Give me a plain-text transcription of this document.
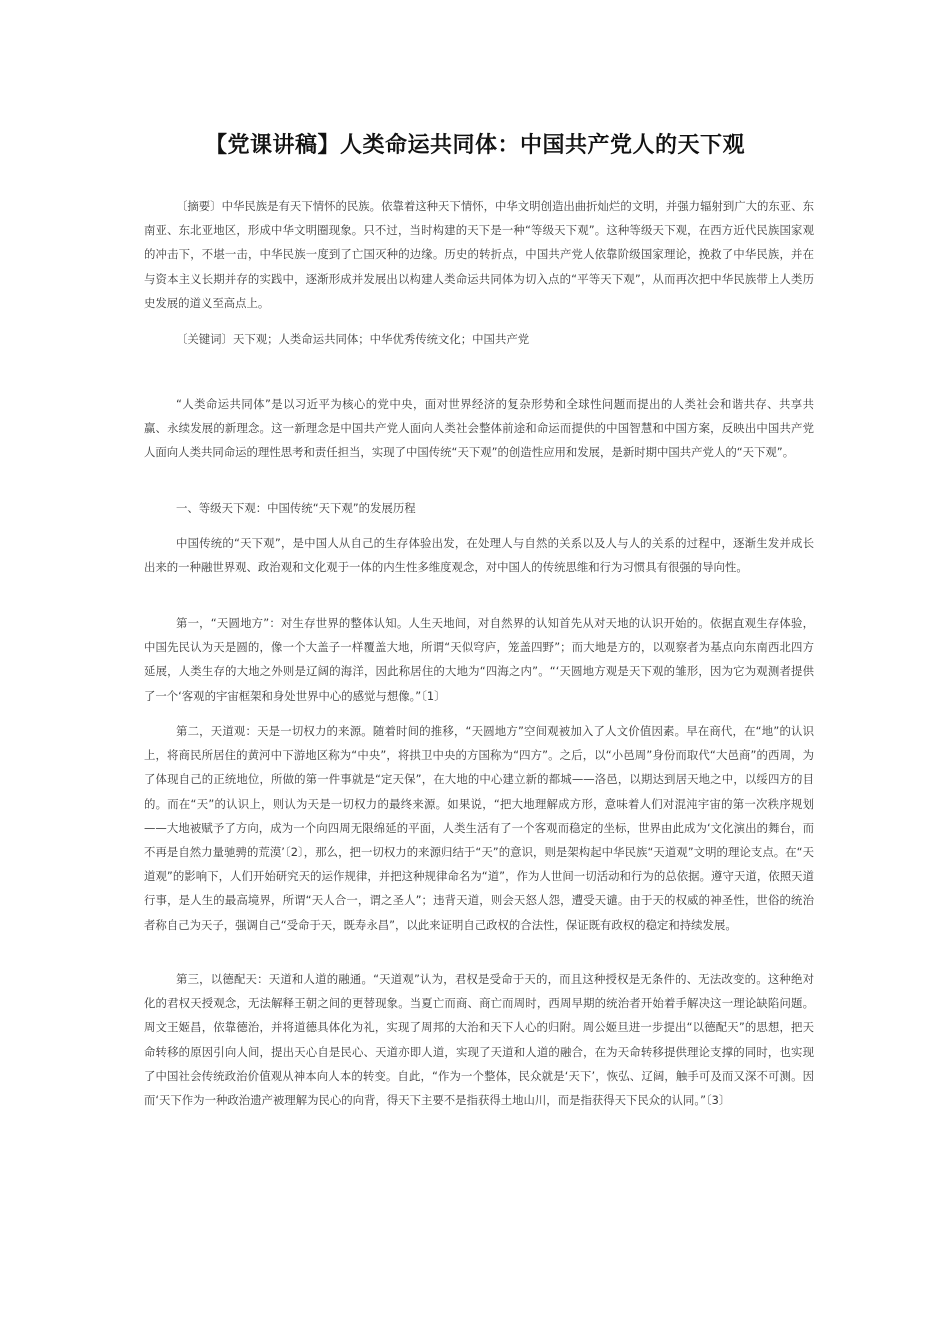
【党课讲稿】人类命运共同体：中国共产党人的天下观

〔摘要〕中华民族是有天下情怀的民族。依靠着这种天下情怀，中华文明创造出曲折灿烂的文明，并强力辐射到广大的东亚、东南亚、东北亚地区，形成中华文明圈现象。只不过，当时构建的天下是一种“等级天下观”。这种等级天下观，在西方近代民族国家观的冲击下，不堪一击，中华民族一度到了亡国灭种的边缘。历史的转折点，中国共产党人依靠阶级国家理论，挽救了中华民族，并在与资本主义长期并存的实践中，逐渐形成并发展出以构建人类命运共同体为切入点的“平等天下观”，从而再次把中华民族带上人类历史发展的道义至高点上。

〔关键词〕天下观；人类命运共同体；中华优秀传统文化；中国共产党

“人类命运共同体”是以习近平为核心的党中央，面对世界经济的复杂形势和全球性问题而提出的人类社会和谐共存、共享共赢、永续发展的新理念。这一新理念是中国共产党人面向人类社会整体前途和命运而提供的中国智慧和中国方案，反映出中国共产党人面向人类共同命运的理性思考和责任担当，实现了中国传统“天下观”的创造性应用和发展，是新时期中国共产党人的“天下观”。

一、等级天下观：中国传统“天下观”的发展历程

中国传统的“天下观”，是中国人从自己的生存体验出发，在处理人与自然的关系以及人与人的关系的过程中，逐渐生发并成长出来的一种融世界观、政治观和文化观于一体的内生性多维度观念，对中国人的传统思维和行为习惯具有很强的导向性。

第一，“天圆地方”：对生存世界的整体认知。人生天地间，对自然界的认知首先从对天地的认识开始的。依据直观生存体验，中国先民认为天是圆的，像一个大盖子一样覆盖大地，所谓“天似穹庐，笼盖四野”；而大地是方的，以观察者为基点向东南西北四方延展，人类生存的大地之外则是辽阔的海洋，因此称居住的大地为“四海之内”。“‘天圆地方观是天下观的雏形，因为它为观测者提供了一个‘客观的宇宙框架和身处世界中心的感觉与想像。”〔1〕

第二，天道观：天是一切权力的来源。随着时间的推移，“天圆地方”空间观被加入了人文价值因素。早在商代，在“地”的认识上，将商民所居住的黄河中下游地区称为“中央”，将拱卫中央的方国称为“四方”。之后，以“小邑周”身份而取代“大邑商”的西周，为了体现自己的正统地位，所做的第一件事就是“定天保”，在大地的中心建立新的都城——洛邑，以期达到居天地之中，以绥四方的目的。而在“天”的认识上，则认为天是一切权力的最终来源。如果说，“把大地理解成方形，意味着人们对混沌宇宙的第一次秩序规划——大地被赋予了方向，成为一个向四周无限绵延的平面，人类生活有了一个客观而稳定的坐标，世界由此成为‘文化演出的舞台，而不再是自然力量驰骋的荒漠’〔2〕，那么，把一切权力的来源归结于“天”的意识，则是架构起中华民族“天道观”文明的理论支点。在“天道观”的影响下，人们开始研究天的运作规律，并把这种规律命名为“道”，作为人世间一切活动和行为的总依据。遵守天道，依照天道行事，是人生的最高境界，所谓“天人合一，谓之圣人”；违背天道，则会天怒人怨，遭受天谴。由于天的权威的神圣性，世俗的统治者称自己为天子，强调自己“受命于天，既寿永昌”，以此来证明自己政权的合法性，保证既有政权的稳定和持续发展。

第三，以德配天：天道和人道的融通。“天道观”认为，君权是受命于天的，而且这种授权是无条件的、无法改变的。这种绝对化的君权天授观念，无法解释王朝之间的更替现象。当夏亡而商、商亡而周时，西周早期的统治者开始着手解决这一理论缺陷问题。周文王姬昌，依靠德治，并将道德具体化为礼，实现了周邦的大治和天下人心的归附。周公姬旦进一步提出“以德配天”的思想，把天命转移的原因引向人间，提出天心自是民心、天道亦即人道，实现了天道和人道的融合，在为天命转移提供理论支撑的同时，也实现了中国社会传统政治价值观从神本向人本的转变。自此，“作为一个整体，民众就是‘天下’，恢弘、辽阔，触手可及而又深不可测。因而‘天下作为一种政治遗产被理解为民心的向背，得天下主要不是指获得土地山川，而是指获得天下民众的认同。”〔3〕
